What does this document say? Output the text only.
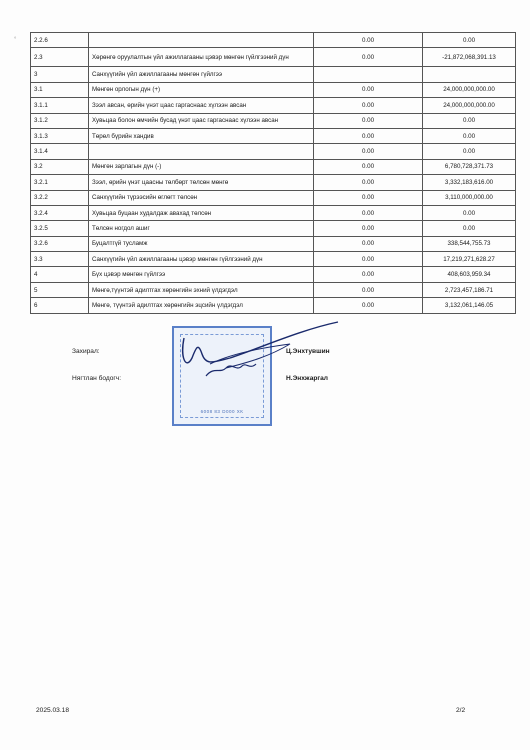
°	2.2.6		0.00	0.00
2.3	Хөрөнгө оруулалтын үйл ажиллагааны цэвэр мөнгөн гүйлгээний дүн	0.00	-21,872,068,391.13
3	Санхүүгийн үйл ажиллагааны мөнгөн гүйлгээ		
3.1	Мөнгөн орлогын дүн (+)	0.00	24,000,000,000.00
3.1.1	Зээл авсан, өрийн үнэт цаас гаргаснаас хүлээн авсан	0.00	24,000,000,000.00
3.1.2	Хувьцаа болон өмчийн бусад үнэт цаас гаргаснаас хүлээн авсан	0.00	0.00
3.1.3	Төрөл бүрийн хандив	0.00	0.00
3.1.4		0.00	0.00
3.2	Мөнгөн зарлагын дүн (-)	0.00	6,780,728,371.73
3.2.1	Зээл, өрийн үнэт цаасны төлбөрт төлсөн мөнгө	0.00	3,332,183,616.00
3.2.2	Санхүүгийн түрээсийн өглөгт төлсөн	0.00	3,110,000,000.00
3.2.4	Хувьцаа буцаан худалдаж авахад төлсөн	0.00	0.00
3.2.5	Төлсөн ногдол ашиг	0.00	0.00
3.2.6	Буцалтгүй тусламж	0.00	338,544,755.73
3.3	Санхүүгийн үйл ажиллагааны цэвэр мөнгөн гүйлгээний дүн	0.00	17,219,271,628.27
4	Бүх цэвэр мөнгөн гүйлгээ	0.00	408,603,959.34
5	Мөнгө,түүнтэй адилтгах хөрөнгийн эхний үлдэгдэл	0.00	2,723,457,186.71
6	Мөнгө, түүнтэй адилтгах хөрөнгийн эцсийн үлдэгдэл	0.00	3,132,061,146.05
6008 83 D000 ХК
Захирал:	Ц.Энхтувшин
Нягтлан бодогч:	Н.Энхжаргал
2025.03.18	2/2
